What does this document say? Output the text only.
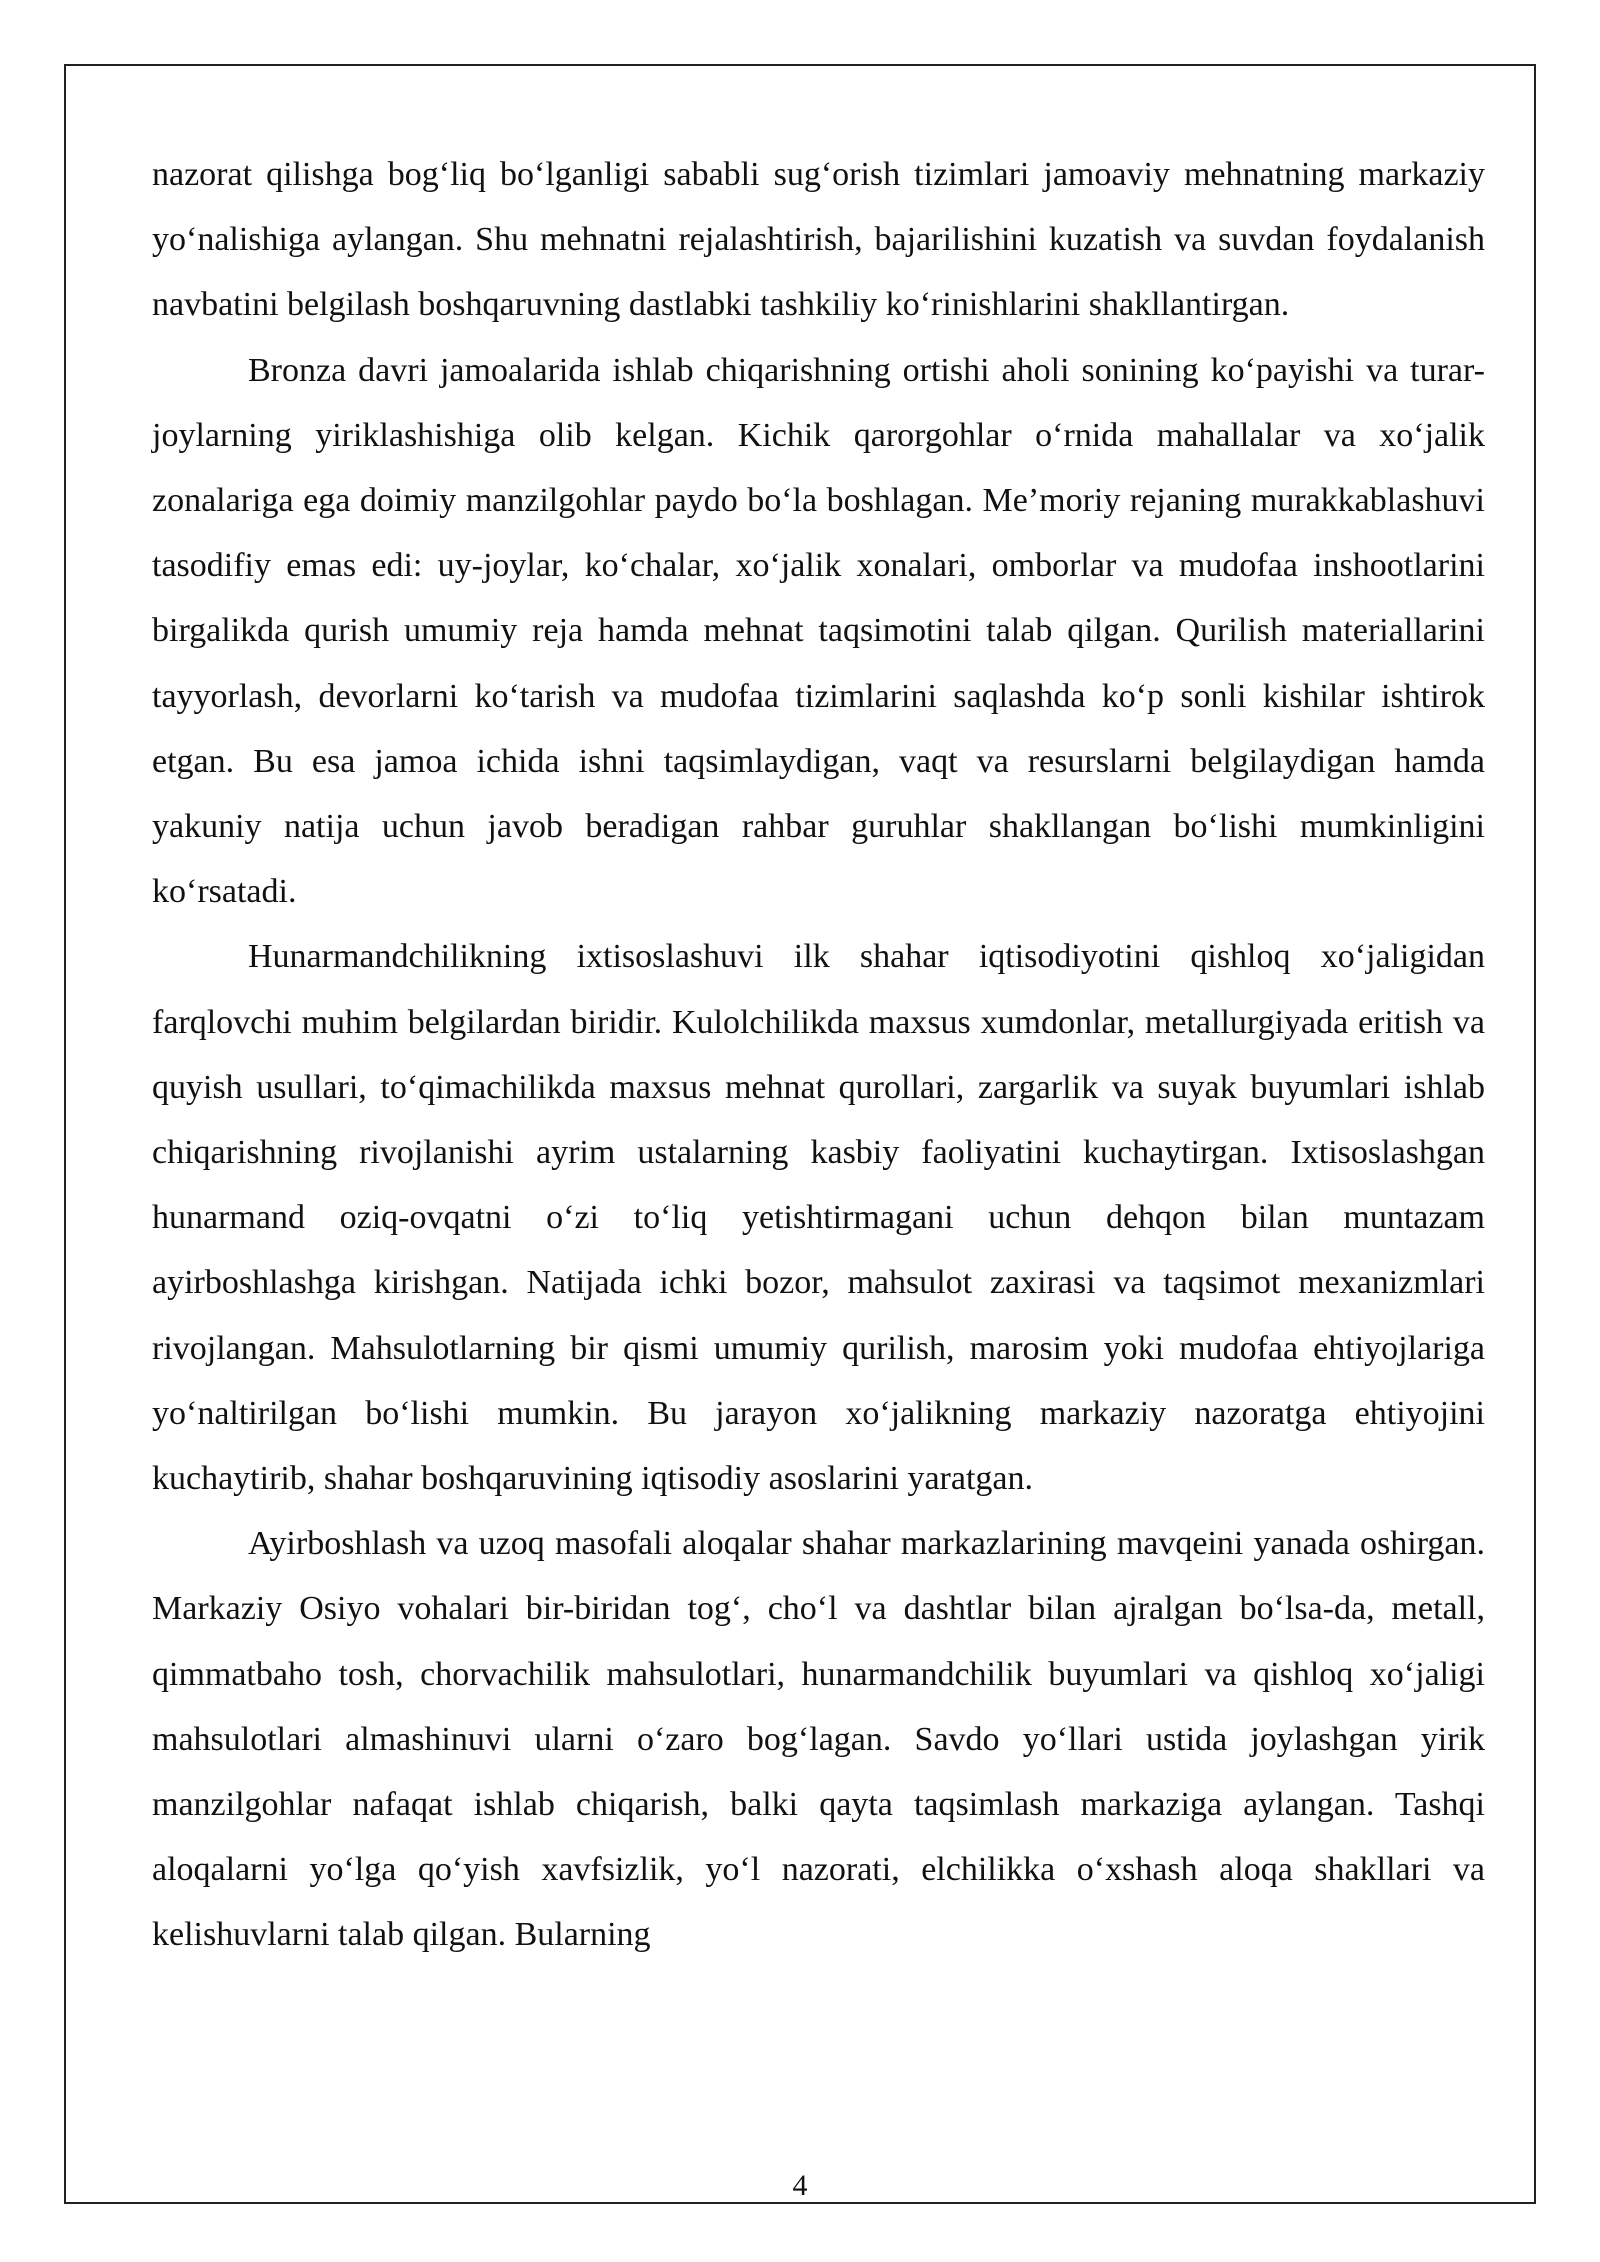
nazorat qilishga bog‘liq bo‘lganligi sababli sug‘orish tizimlari jamoaviy mehnatning markaziy yo‘nalishiga aylangan. Shu mehnatni rejalashtirish, bajarilishini kuzatish va suvdan foydalanish navbatini belgilash boshqaruvning dastlabki tashkiliy ko‘rinishlarini shakllantirgan.

Bronza davri jamoalarida ishlab chiqarishning ortishi aholi sonining ko‘payishi va turar-joylarning yiriklashishiga olib kelgan. Kichik qarorgohlar o‘rnida mahallalar va xo‘jalik zonalariga ega doimiy manzilgohlar paydo bo‘la boshlagan. Me’moriy rejaning murakkablashuvi tasodifiy emas edi: uy-joylar, ko‘chalar, xo‘jalik xonalari, omborlar va mudofaa inshootlarini birgalikda qurish umumiy reja hamda mehnat taqsimotini talab qilgan. Qurilish materiallarini tayyorlash, devorlarni ko‘tarish va mudofaa tizimlarini saqlashda ko‘p sonli kishilar ishtirok etgan. Bu esa jamoa ichida ishni taqsimlaydigan, vaqt va resurslarni belgilaydigan hamda yakuniy natija uchun javob beradigan rahbar guruhlar shakllangan bo‘lishi mumkinligini ko‘rsatadi.

Hunarmandchilikning ixtisoslashuvi ilk shahar iqtisodiyotini qishloq xo‘jaligidan farqlovchi muhim belgilardan biridir. Kulolchilikda maxsus xumdonlar, metallurgiyada eritish va quyish usullari, to‘qimachilikda maxsus mehnat qurollari, zargarlik va suyak buyumlari ishlab chiqarishning rivojlanishi ayrim ustalarning kasbiy faoliyatini kuchaytirgan. Ixtisoslashgan hunarmand oziq-ovqatni o‘zi to‘liq yetishtirmagani uchun dehqon bilan muntazam ayirboshlashga kirishgan. Natijada ichki bozor, mahsulot zaxirasi va taqsimot mexanizmlari rivojlangan. Mahsulotlarning bir qismi umumiy qurilish, marosim yoki mudofaa ehtiyojlariga yo‘naltirilgan bo‘lishi mumkin. Bu jarayon xo‘jalikning markaziy nazoratga ehtiyojini kuchaytirib, shahar boshqaruvining iqtisodiy asoslarini yaratgan.

Ayirboshlash va uzoq masofali aloqalar shahar markazlarining mavqeini yanada oshirgan. Markaziy Osiyo vohalari bir-biridan tog‘, cho‘l va dashtlar bilan ajralgan bo‘lsa-da, metall, qimmatbaho tosh, chorvachilik mahsulotlari, hunarmandchilik buyumlari va qishloq xo‘jaligi mahsulotlari almashinuvi ularni o‘zaro bog‘lagan. Savdo yo‘llari ustida joylashgan yirik manzilgohlar nafaqat ishlab chiqarish, balki qayta taqsimlash markaziga aylangan. Tashqi aloqalarni yo‘lga qo‘yish xavfsizlik, yo‘l nazorati, elchilikka o‘xshash aloqa shakllari va kelishuvlarni talab qilgan. Bularning

4
